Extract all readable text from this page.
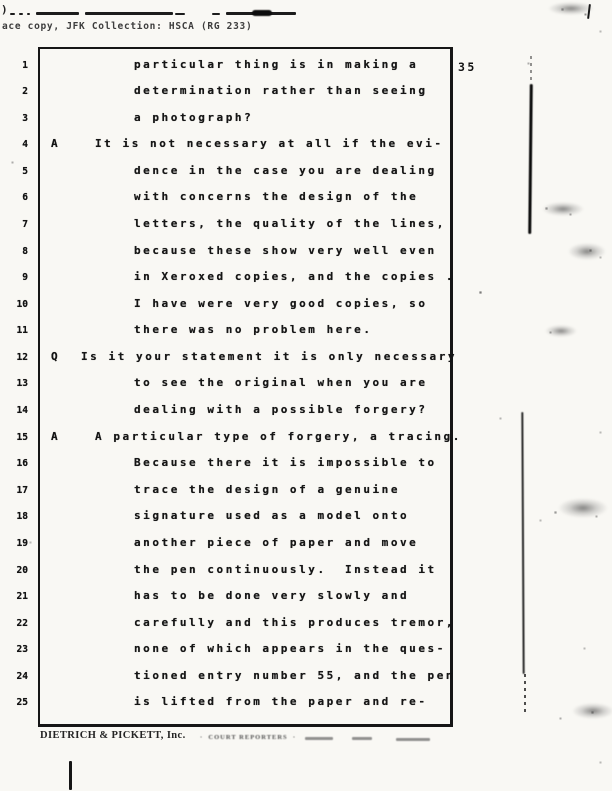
)
ace copy, JFK Collection: HSCA (RG 233)
35
1	particular thing is in making a
2	determination rather than seeing
3	a photograph?
4 A	It is not necessary at all if the evi-
5	dence in the case you are dealing
6	with concerns the design of the
7	letters, the quality of the lines,
8	because these show very well even
9	in Xeroxed copies, and the copies .
10	I have were very good copies, so
11	there was no problem here.
12 Q Is it your statement it is only necessary
13	to see the original when you are
14	dealing with a possible forgery?
15 A	A particular type of forgery, a tracing.
16	Because there it is impossible to
17	trace the design of a genuine
18	signature used as a model onto
19	another piece of paper and move
20	the pen continuously.  Instead it
21	has to be done very slowly and
22	carefully and this produces tremor,
23	none of which appears in the ques-
24	tioned entry number 55, and the pen
25	is lifted from the paper and re-
DIETRICH & PICKETT, Inc. ·  COURT REPORTERS  ·
